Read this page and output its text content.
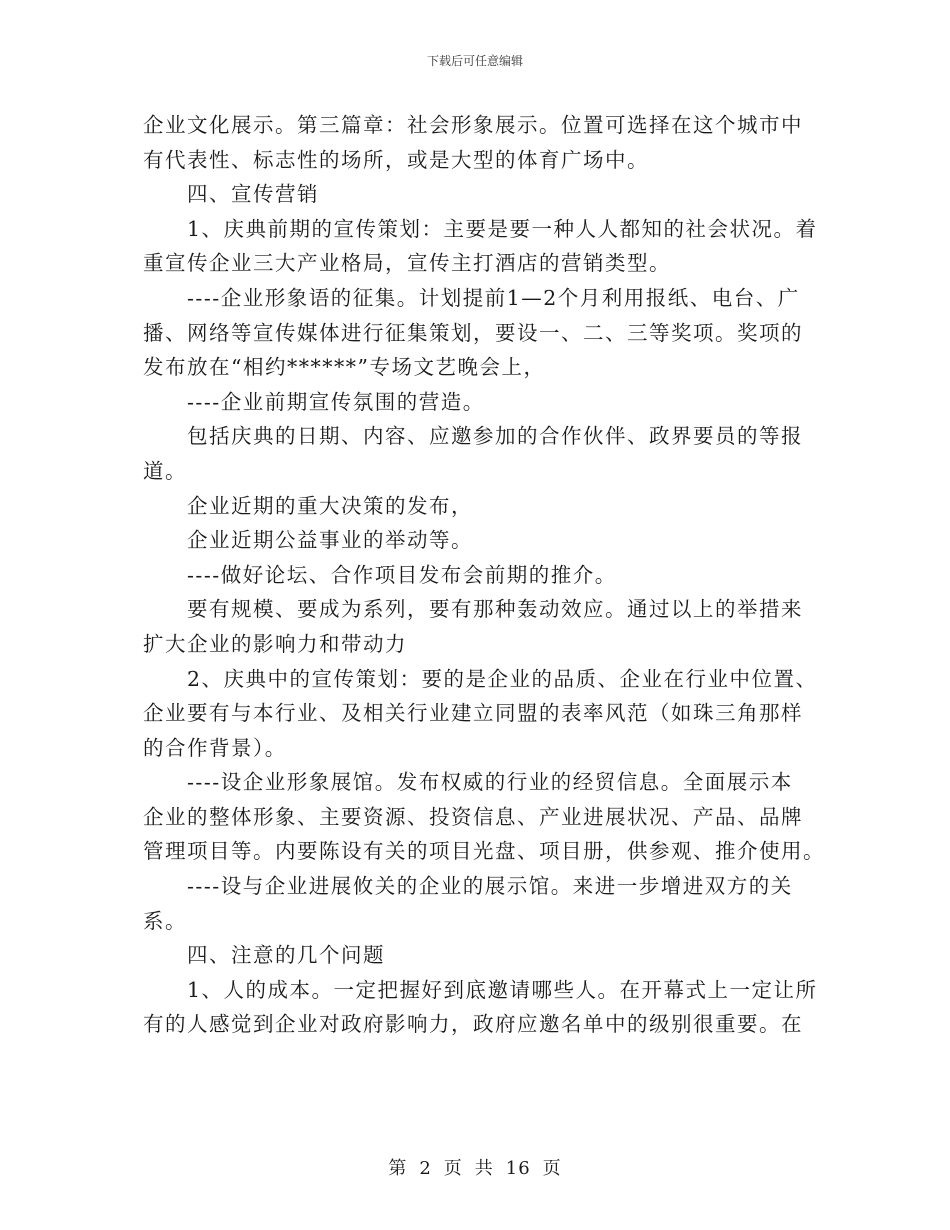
下载后可任意编辑
企业文化展示。第三篇章：社会形象展示。位置可选择在这个城市中
有代表性、标志性的场所，或是大型的体育广场中。
四、宣传营销
1、庆典前期的宣传策划：主要是要一种人人都知的社会状况。着
重宣传企业三大产业格局，宣传主打酒店的营销类型。
----企业形象语的征集。计划提前1—2个月利用报纸、电台、广
播、网络等宣传媒体进行征集策划，要设一、二、三等奖项。奖项的
发布放在“相约******”专场文艺晚会上，
----企业前期宣传氛围的营造。
包括庆典的日期、内容、应邀参加的合作伙伴、政界要员的等报
道。
企业近期的重大决策的发布，
企业近期公益事业的举动等。
----做好论坛、合作项目发布会前期的推介。
要有规模、要成为系列，要有那种轰动效应。通过以上的举措来
扩大企业的影响力和带动力
2、庆典中的宣传策划：要的是企业的品质、企业在行业中位置、
企业要有与本行业、及相关行业建立同盟的表率风范（如珠三角那样
的合作背景）。
----设企业形象展馆。发布权威的行业的经贸信息。全面展示本
企业的整体形象、主要资源、投资信息、产业进展状况、产品、品牌
管理项目等。内要陈设有关的项目光盘、项目册，供参观、推介使用。
----设与企业进展攸关的企业的展示馆。来进一步增进双方的关
系。
四、注意的几个问题
1、人的成本。一定把握好到底邀请哪些人。在开幕式上一定让所
有的人感觉到企业对政府影响力，政府应邀名单中的级别很重要。在
第 2 页 共 16 页
